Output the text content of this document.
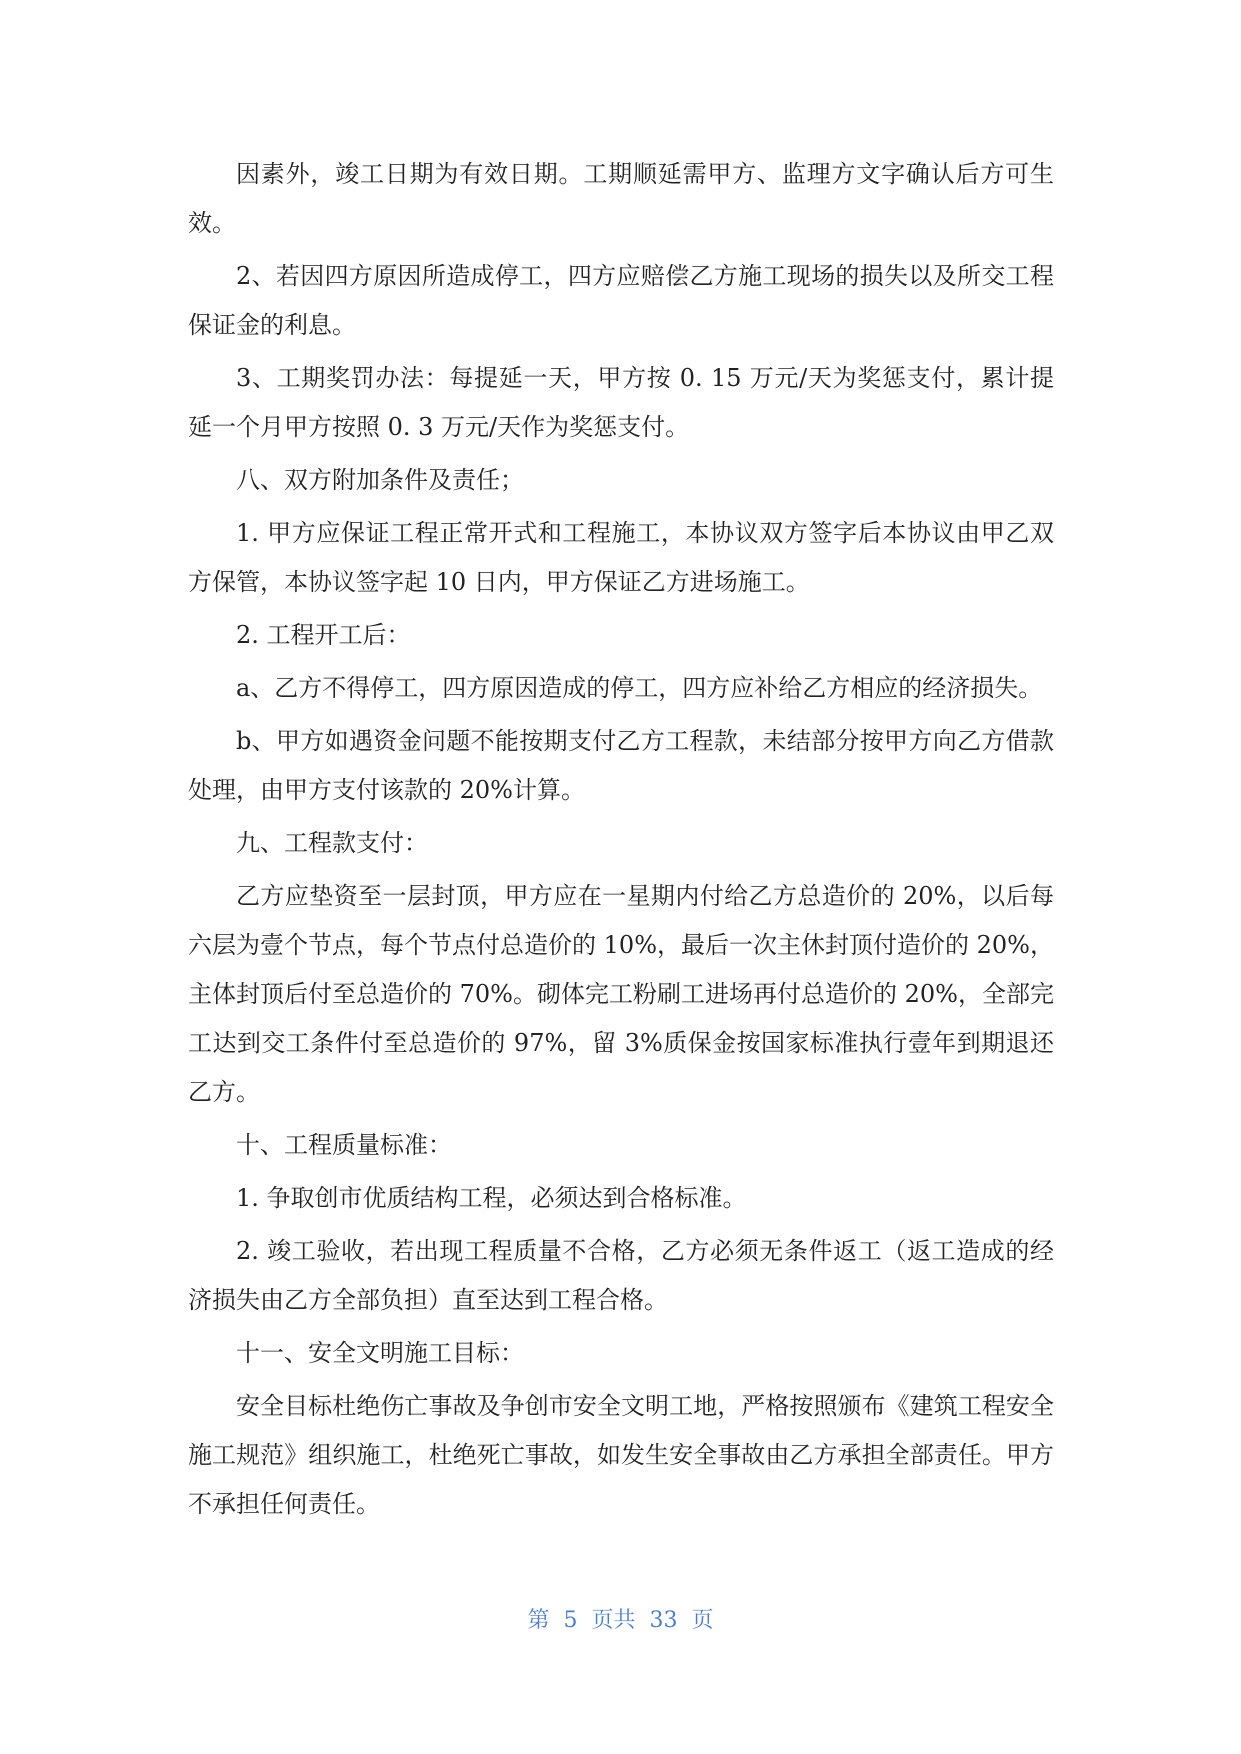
因素外，竣工日期为有效日期。工期顺延需甲方、监理方文字确认后方可生效。

2、若因四方原因所造成停工，四方应赔偿乙方施工现场的损失以及所交工程保证金的利息。

3、工期奖罚办法：每提延一天，甲方按 0. 15 万元/天为奖惩支付，累计提延一个月甲方按照 0. 3 万元/天作为奖惩支付。

八、双方附加条件及责任；

1. 甲方应保证工程正常开式和工程施工，本协议双方签字后本协议由甲乙双方保管，本协议签字起 10 日内，甲方保证乙方进场施工。

2. 工程开工后：

a、乙方不得停工，四方原因造成的停工，四方应补给乙方相应的经济损失。

b、甲方如遇资金问题不能按期支付乙方工程款，未结部分按甲方向乙方借款处理，由甲方支付该款的 20%计算。

九、工程款支付：

乙方应垫资至一层封顶，甲方应在一星期内付给乙方总造价的 20%，以后每六层为壹个节点，每个节点付总造价的 10%，最后一次主休封顶付造价的 20%，主体封顶后付至总造价的 70%。砌体完工粉刷工进场再付总造价的 20%，全部完工达到交工条件付至总造价的 97%，留 3%质保金按国家标准执行壹年到期退还乙方。

十、工程质量标准：

1. 争取创市优质结构工程，必须达到合格标准。

2. 竣工验收，若出现工程质量不合格，乙方必须无条件返工（返工造成的经济损失由乙方全部负担）直至达到工程合格。

十一、安全文明施工目标：

安全目标杜绝伤亡事故及争创市安全文明工地，严格按照颁布《建筑工程安全施工规范》组织施工，杜绝死亡事故，如发生安全事故由乙方承担全部责任。甲方不承担任何责任。

第 5 页共 33 页
